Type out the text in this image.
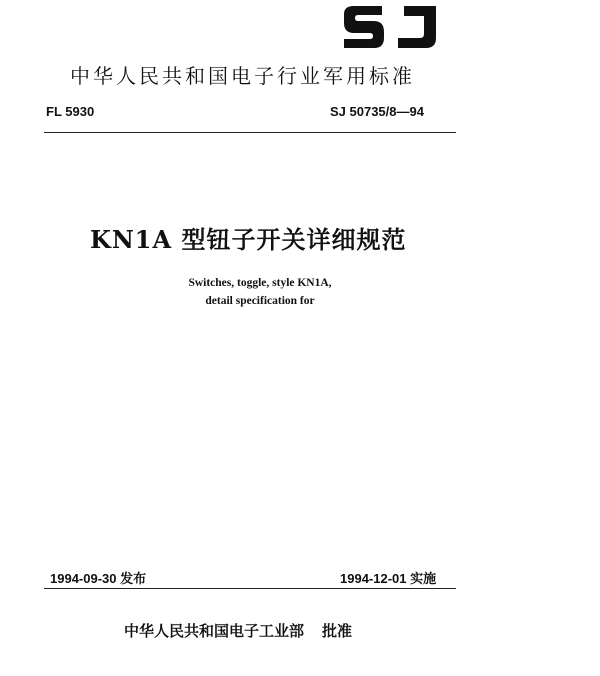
中华人民共和国电子行业军用标准
FL 5930	SJ 50735/8—94
KN1A 型钮子开关详细规范
Switches, toggle, style KN1A,
detail specification for
1994-09-30 发布	1994-12-01 实施
中华人民共和国电子工业部 批准
